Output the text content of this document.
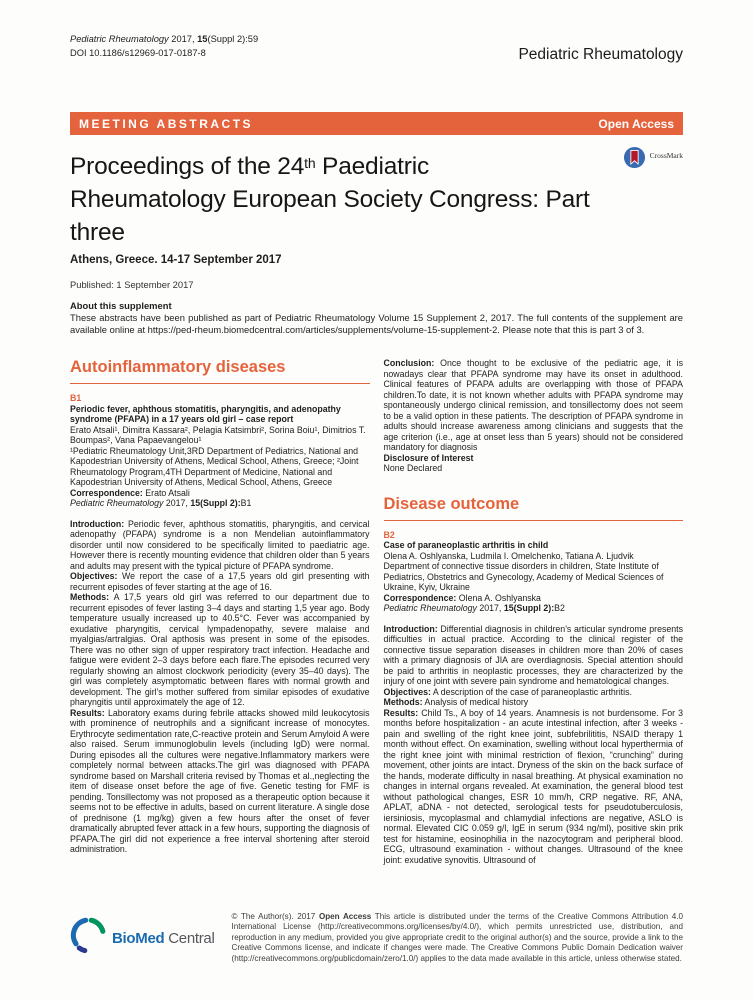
Pediatric Rheumatology 2017, 15(Suppl 2):59
DOI 10.1186/s12969-017-0187-8	Pediatric Rheumatology
MEETING ABSTRACTS	Open Access
Proceedings of the 24th Paediatric Rheumatology European Society Congress: Part three
CrossMark
Athens, Greece. 14-17 September 2017
Published: 1 September 2017
About this supplement
These abstracts have been published as part of Pediatric Rheumatology Volume 15 Supplement 2, 2017. The full contents of the supplement are available online at https://ped-rheum.biomedcentral.com/articles/supplements/volume-15-supplement-2. Please note that this is part 3 of 3.
Autoinflammatory diseases
B1
Periodic fever, aphthous stomatitis, pharyngitis, and adenopathy syndrome (PFAPA) in a 17 years old girl – case report
Erato Atsali¹, Dimitra Kassara², Pelagia Katsimbri², Sorina Boiu¹, Dimitrios T. Boumpas², Vana Papaevangelou¹
¹Pediatric Rheumatology Unit,3RD Department of Pediatrics, National and Kapodestrian University of Athens, Medical School, Athens, Greece; ²Joint Rheumatology Program,4TH Department of Medicine, National and Kapodestrian University of Athens, Medical School, Athens, Greece
Correspondence: Erato Atsali
Pediatric Rheumatology 2017, 15(Suppl 2):B1

Introduction: Periodic fever, aphthous stomatitis, pharyngitis, and cervical adenopathy (PFAPA) syndrome is a non Mendelian autoinflammatory disorder until now considered to be specifically limited to paediatric age. However there is recently mounting evidence that children older than 5 years and adults may present with the typical picture of PFAPA syndrome.

Objectives: We report the case of a 17,5 years old girl presenting with recurrent episodes of fever starting at the age of 16.

Methods: A 17,5 years old girl was referred to our department due to recurrent episodes of fever lasting 3–4 days and starting 1,5 year ago. Body temperature usually increased up to 40.5°C. Fever was accompanied by exudative pharyngitis, cervical lympadenopathy, severe malaise and myalgias/artralgias. Oral apthosis was present in some of the episodes. There was no other sign of upper respiratory tract infection. Headache and fatigue were evident 2–3 days before each flare.The episodes recurred very regularly showing an almost clockwork periodicity (every 35–40 days). The girl was completely asymptomatic between flares with normal growth and development. The girl's mother suffered from similar episodes of exudative pharyngitis until approximately the age of 12.

Results: Laboratory exams during febrile attacks showed mild leukocytosis with prominence of neutrophils and a significant increase of monocytes. Erythrocyte sedimentation rate,C-reactive protein and Serum Amyloid A were also raised. Serum immunoglobulin levels (including IgD) were normal. During episodes all the cultures were negative.Inflammatory markers were completely normal between attacks.The girl was diagnosed with PFAPA syndrome based on Marshall criteria revised by Thomas et al.,neglecting the item of disease onset before the age of five. Genetic testing for FMF is pending. Tonsillectomy was not proposed as a therapeutic option because it seems not to be effective in adults, based on current literature. A single dose of prednisone (1 mg/kg) given a few hours after the onset of fever dramatically abrupted fever attack in a few hours, supporting the diagnosis of PFAPA.The girl did not experience a free interval shortening after steroid administration.

Conclusion: Once thought to be exclusive of the pediatric age, it is nowadays clear that PFAPA syndrome may have its onset in adulthood. Clinical features of PFAPA adults are overlapping with those of PFAPA children.To date, it is not known whether adults with PFAPA syndrome may spontaneously undergo clinical remission, and tonsillectomy does not seem to be a valid option in these patients. The description of PFAPA syndrome in adults should increase awareness among clinicians and suggests that the age criterion (i.e., age at onset less than 5 years) should not be considered mandatory for diagnosis

Disclosure of Interest
None Declared
Disease outcome
B2
Case of paraneoplastic arthritis in child
Olena A. Oshlyanska, Ludmila I. Omelchenko, Tatiana A. Ljudvik
Department of connective tissue disorders in children, State Institute of Pediatrics, Obstetrics and Gynecology, Academy of Medical Sciences of Ukraine, Kyiv, Ukraine
Correspondence: Olena A. Oshlyanska
Pediatric Rheumatology 2017, 15(Suppl 2):B2

Introduction: Differential diagnosis in children's articular syndrome presents difficulties in actual practice. According to the clinical register of the connective tissue separation diseases in children more than 20% of cases with a primary diagnosis of JIA are overdiagnosis. Special attention should be paid to arthritis in neoplastic processes, they are characterized by the injury of one joint with severe pain syndrome and hematological changes.

Objectives: A description of the case of paraneoplastic arthritis.

Methods: Analysis of medical history

Results: Child Ts., A boy of 14 years. Anamnesis is not burdensome. For 3 months before hospitalization - an acute intestinal infection, after 3 weeks - pain and swelling of the right knee joint, subfebrilititis, NSAID therapy 1 month without effect. On examination, swelling without local hyperthermia of the right knee joint with minimal restriction of flexion, “crunching” during movement, other joints are intact. Dryness of the skin on the back surface of the hands, moderate difficulty in nasal breathing. At physical examination no changes in internal organs revealed. At examination, the general blood test without pathological changes, ESR 10 mm/h, CRP negative. RF, ANA, APLAT, aDNA - not detected, serological tests for pseudotuberculosis, iersiniosis, mycoplasmal and chlamydial infections are negative, ASLO is normal. Elevated CIC 0.059 g/l, IgE in serum (934 ng/ml), positive skin prik test for histamine, eosinophilia in the nazocytogram and peripheral blood. ECG, ultrasound examination - without changes. Ultrasound of the knee joint: exudative synovitis. Ultrasound of

BioMed Central
© The Author(s). 2017 Open Access This article is distributed under the terms of the Creative Commons Attribution 4.0 International License (http://creativecommons.org/licenses/by/4.0/), which permits unrestricted use, distribution, and reproduction in any medium, provided you give appropriate credit to the original author(s) and the source, provide a link to the Creative Commons license, and indicate if changes were made. The Creative Commons Public Domain Dedication waiver (http://creativecommons.org/publicdomain/zero/1.0/) applies to the data made available in this article, unless otherwise stated.
